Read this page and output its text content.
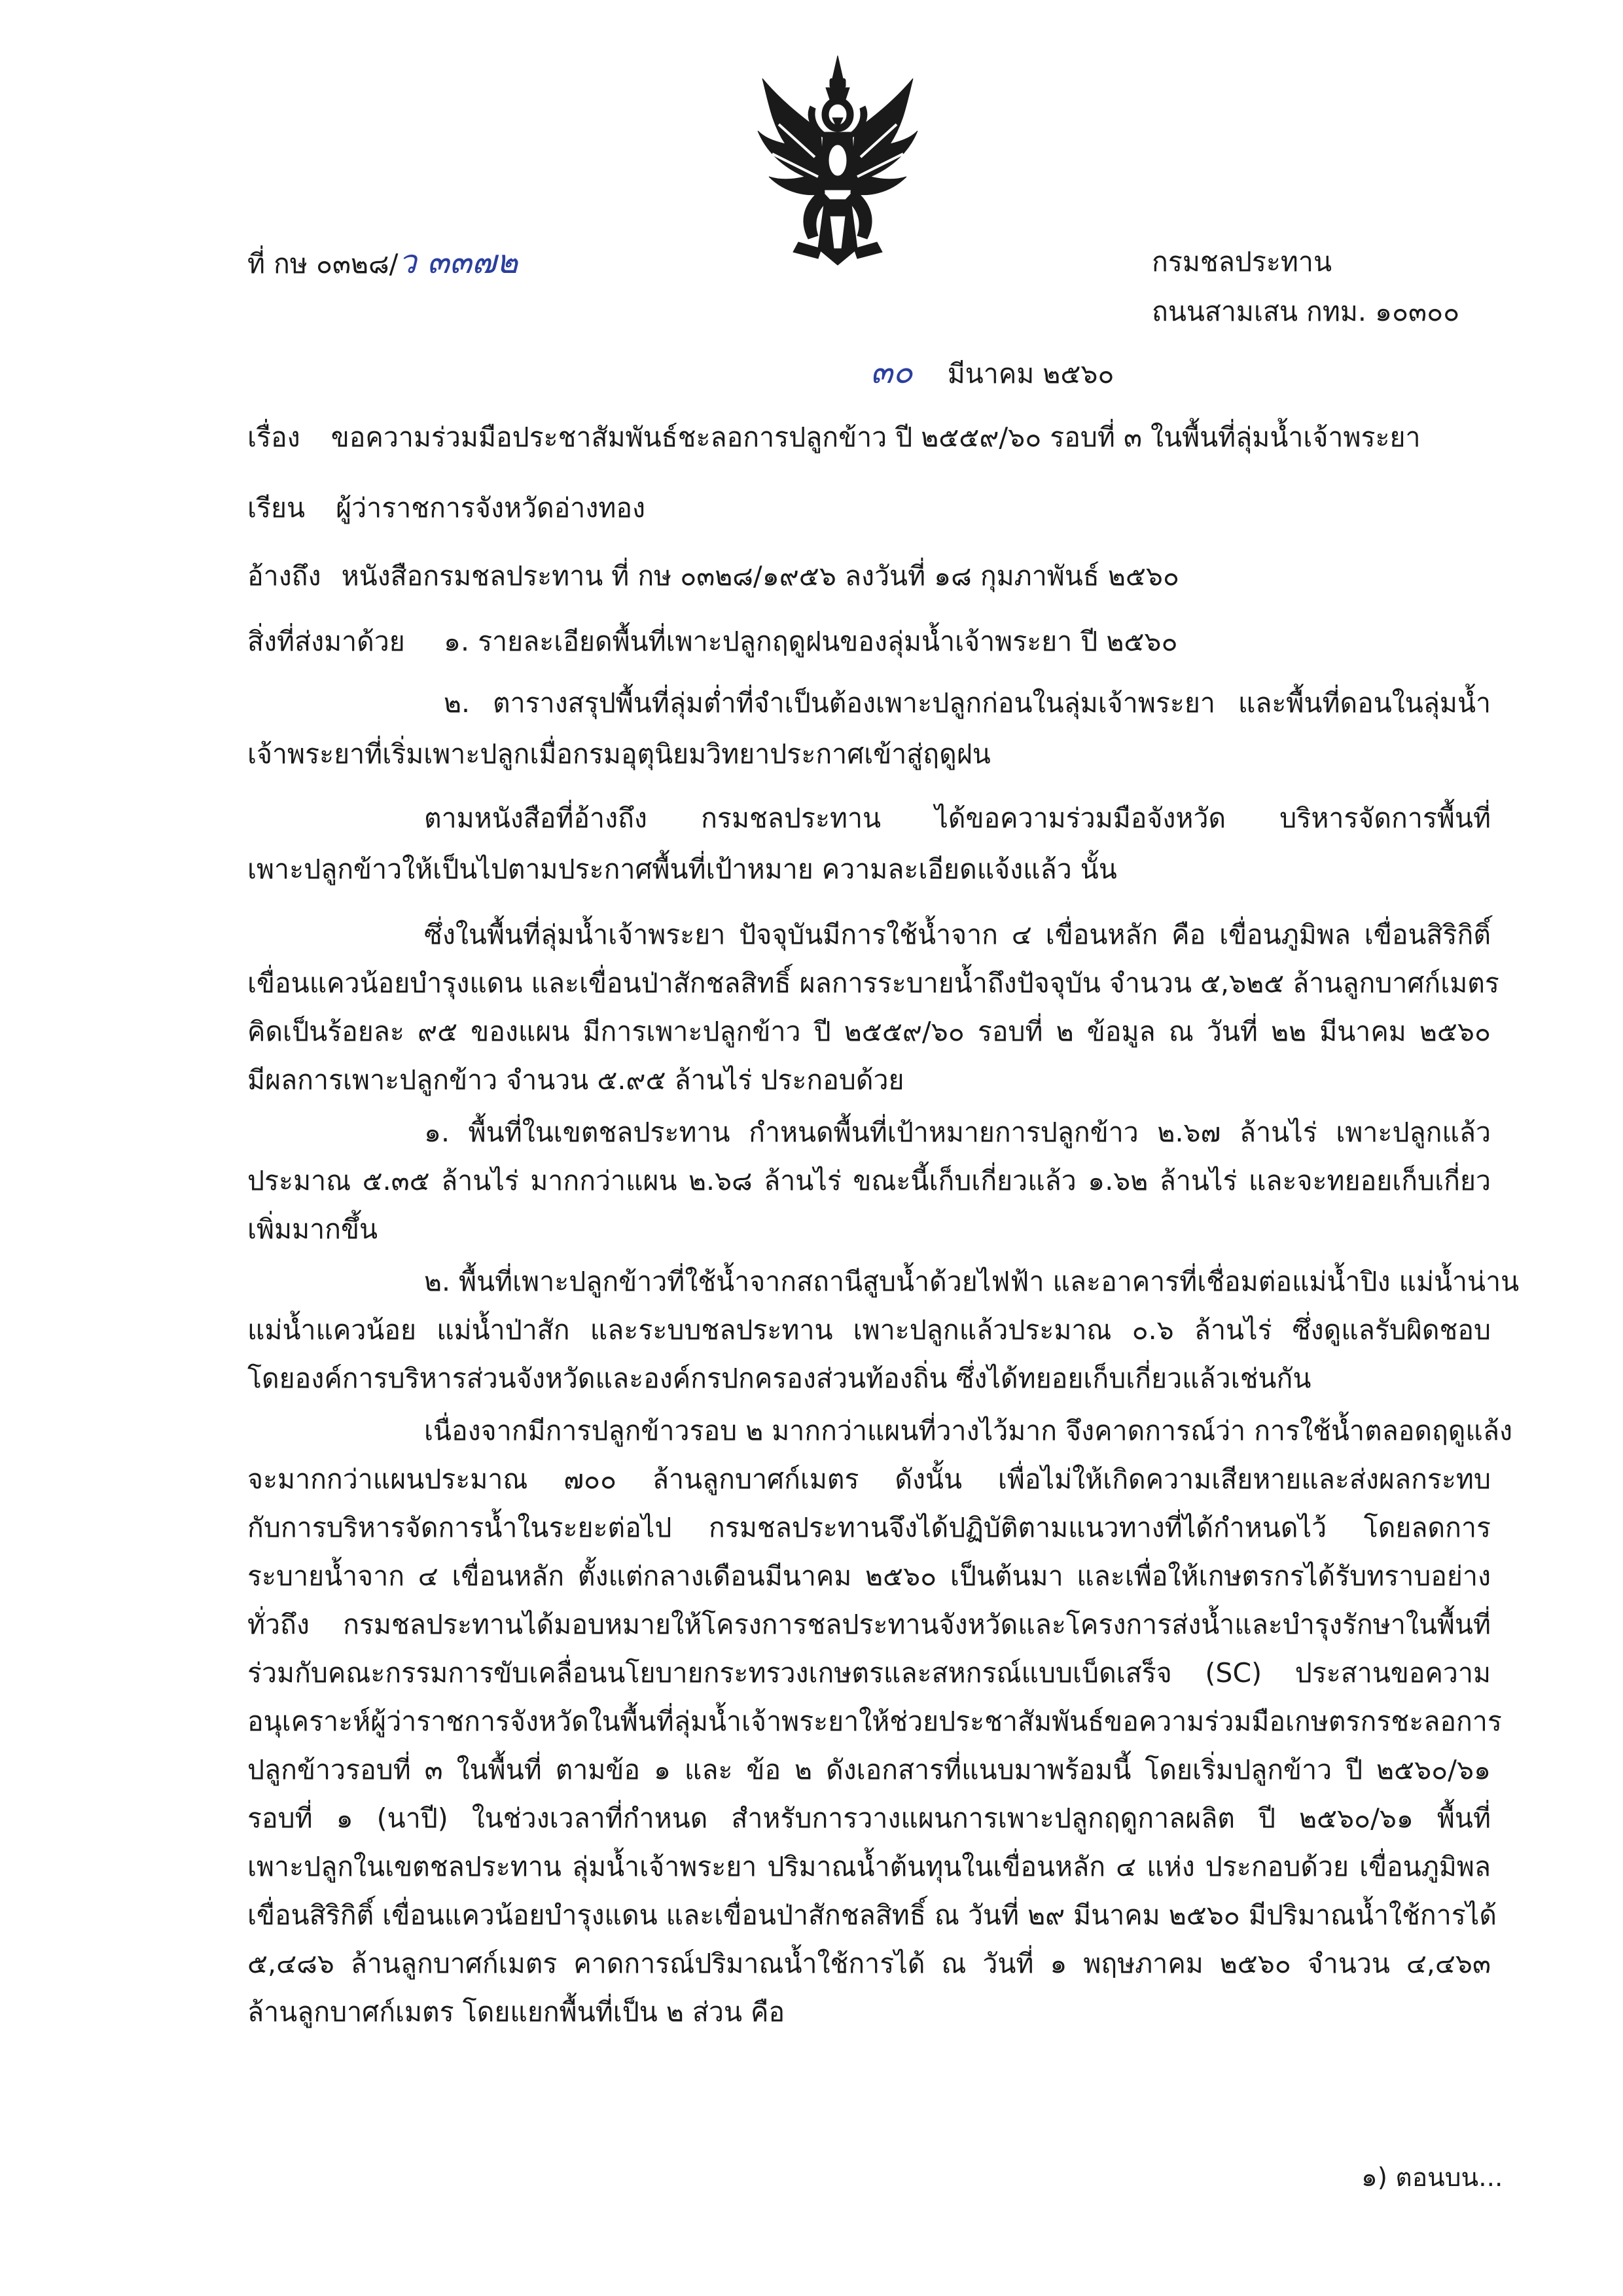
ที่ กษ ๐๓๒๘/ว ๓๓๗๒	กรมชลประทาน
ถนนสามเสน กทม. ๑๐๓๐๐
๓๐ มีนาคม ๒๕๖๐
เรื่อง ขอความร่วมมือประชาสัมพันธ์ชะลอการปลูกข้าว ปี ๒๕๕๙/๖๐ รอบที่ ๓ ในพื้นที่ลุ่มน้ำเจ้าพระยา
เรียน ผู้ว่าราชการจังหวัดอ่างทอง
อ้างถึง หนังสือกรมชลประทาน ที่ กษ ๐๓๒๘/๑๙๕๖ ลงวันที่ ๑๘ กุมภาพันธ์ ๒๕๖๐
สิ่งที่ส่งมาด้วย ๑. รายละเอียดพื้นที่เพาะปลูกฤดูฝนของลุ่มน้ำเจ้าพระยา ปี ๒๕๖๐
๒. ตารางสรุปพื้นที่ลุ่มต่ำที่จำเป็นต้องเพาะปลูกก่อนในลุ่มเจ้าพระยา และพื้นที่ดอนในลุ่มน้ำ
เจ้าพระยาที่เริ่มเพาะปลูกเมื่อกรมอุตุนิยมวิทยาประกาศเข้าสู่ฤดูฝน
ตามหนังสือที่อ้างถึง กรมชลประทาน ได้ขอความร่วมมือจังหวัด บริหารจัดการพื้นที่
เพาะปลูกข้าวให้เป็นไปตามประกาศพื้นที่เป้าหมาย ความละเอียดแจ้งแล้ว นั้น
ซึ่งในพื้นที่ลุ่มน้ำเจ้าพระยา ปัจจุบันมีการใช้น้ำจาก ๔ เขื่อนหลัก คือ เขื่อนภูมิพล เขื่อนสิริกิติ์
เขื่อนแควน้อยบำรุงแดน และเขื่อนป่าสักชลสิทธิ์ ผลการระบายน้ำถึงปัจจุบัน จำนวน ๕,๖๒๕ ล้านลูกบาศก์เมตร
คิดเป็นร้อยละ ๙๕ ของแผน มีการเพาะปลูกข้าว ปี ๒๕๕๙/๖๐ รอบที่ ๒ ข้อมูล ณ วันที่ ๒๒ มีนาคม ๒๕๖๐
มีผลการเพาะปลูกข้าว จำนวน ๕.๙๕ ล้านไร่ ประกอบด้วย
๑. พื้นที่ในเขตชลประทาน กำหนดพื้นที่เป้าหมายการปลูกข้าว ๒.๖๗ ล้านไร่ เพาะปลูกแล้ว
ประมาณ ๕.๓๕ ล้านไร่ มากกว่าแผน ๒.๖๘ ล้านไร่ ขณะนี้เก็บเกี่ยวแล้ว ๑.๖๒ ล้านไร่ และจะทยอยเก็บเกี่ยว
เพิ่มมากขึ้น
๒. พื้นที่เพาะปลูกข้าวที่ใช้น้ำจากสถานีสูบน้ำด้วยไฟฟ้า และอาคารที่เชื่อมต่อแม่น้ำปิง แม่น้ำน่าน
แม่น้ำแควน้อย แม่น้ำป่าสัก และระบบชลประทาน เพาะปลูกแล้วประมาณ ๐.๖ ล้านไร่ ซึ่งดูแลรับผิดชอบ
โดยองค์การบริหารส่วนจังหวัดและองค์กรปกครองส่วนท้องถิ่น ซึ่งได้ทยอยเก็บเกี่ยวแล้วเช่นกัน
เนื่องจากมีการปลูกข้าวรอบ ๒ มากกว่าแผนที่วางไว้มาก จึงคาดการณ์ว่า การใช้น้ำตลอดฤดูแล้ง
จะมากกว่าแผนประมาณ ๗๐๐ ล้านลูกบาศก์เมตร ดังนั้น เพื่อไม่ให้เกิดความเสียหายและส่งผลกระทบ
กับการบริหารจัดการน้ำในระยะต่อไป กรมชลประทานจึงได้ปฏิบัติตามแนวทางที่ได้กำหนดไว้ โดยลดการ
ระบายน้ำจาก ๔ เขื่อนหลัก ตั้งแต่กลางเดือนมีนาคม ๒๕๖๐ เป็นต้นมา และเพื่อให้เกษตรกรได้รับทราบอย่าง
ทั่วถึง กรมชลประทานได้มอบหมายให้โครงการชลประทานจังหวัดและโครงการส่งน้ำและบำรุงรักษาในพื้นที่
ร่วมกับคณะกรรมการขับเคลื่อนนโยบายกระทรวงเกษตรและสหกรณ์แบบเบ็ดเสร็จ (SC) ประสานขอความ
อนุเคราะห์ผู้ว่าราชการจังหวัดในพื้นที่ลุ่มน้ำเจ้าพระยาให้ช่วยประชาสัมพันธ์ขอความร่วมมือเกษตรกรชะลอการ
ปลูกข้าวรอบที่ ๓ ในพื้นที่ ตามข้อ ๑ และ ข้อ ๒ ดังเอกสารที่แนบมาพร้อมนี้ โดยเริ่มปลูกข้าว ปี ๒๕๖๐/๖๑
รอบที่ ๑ (นาปี) ในช่วงเวลาที่กำหนด สำหรับการวางแผนการเพาะปลูกฤดูกาลผลิต ปี ๒๕๖๐/๖๑ พื้นที่
เพาะปลูกในเขตชลประทาน ลุ่มน้ำเจ้าพระยา ปริมาณน้ำต้นทุนในเขื่อนหลัก ๔ แห่ง ประกอบด้วย เขื่อนภูมิพล
เขื่อนสิริกิติ์ เขื่อนแควน้อยบำรุงแดน และเขื่อนป่าสักชลสิทธิ์ ณ วันที่ ๒๙ มีนาคม ๒๕๖๐ มีปริมาณน้ำใช้การได้
๕,๔๘๖ ล้านลูกบาศก์เมตร คาดการณ์ปริมาณน้ำใช้การได้ ณ วันที่ ๑ พฤษภาคม ๒๕๖๐ จำนวน ๔,๔๖๓
ล้านลูกบาศก์เมตร โดยแยกพื้นที่เป็น ๒ ส่วน คือ
๑) ตอนบน...
